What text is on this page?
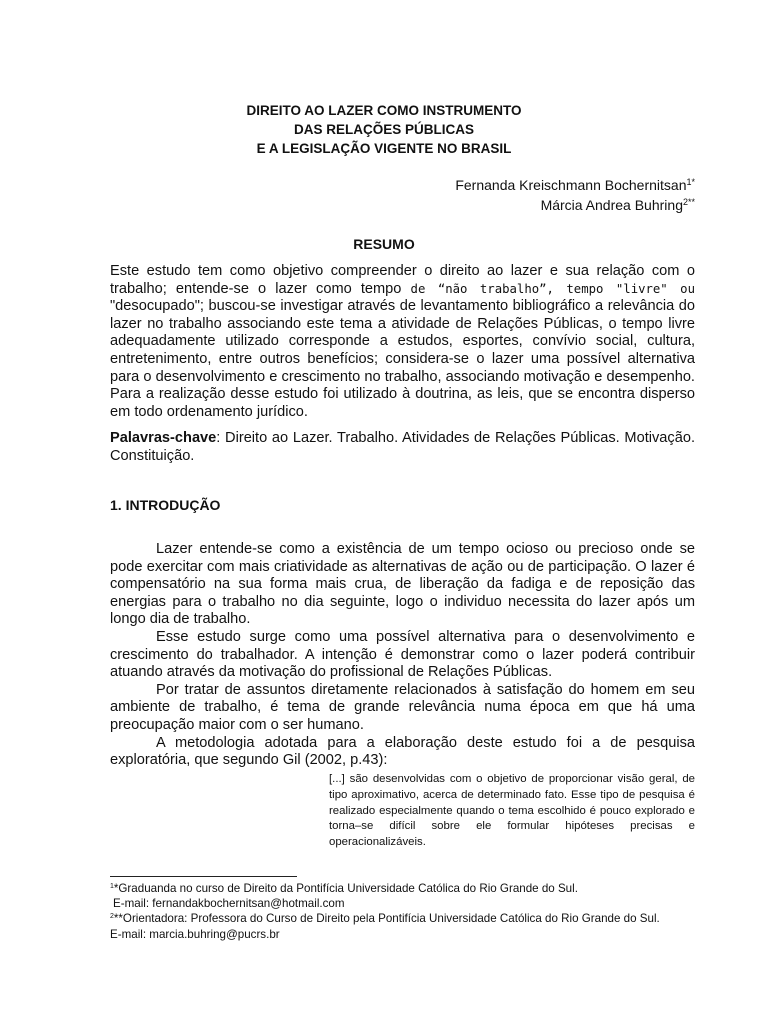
DIREITO AO LAZER COMO INSTRUMENTO
DAS RELAÇÕES PÚBLICAS
E A LEGISLAÇÃO VIGENTE NO BRASIL
Fernanda Kreischmann Bochernitsan$^{1*}$
Márcia Andrea Buhring$^{2**}$
RESUMO
Este estudo tem como objetivo compreender o direito ao lazer e sua relação com o trabalho; entende-se o lazer como tempo de “não trabalho”, tempo "livre" ou "desocupado"; buscou-se investigar através de levantamento bibliográfico a relevância do lazer no trabalho associando este tema a atividade de Relações Públicas, o tempo livre adequadamente utilizado corresponde a estudos, esportes, convívio social, cultura, entretenimento, entre outros benefícios; considera-se o lazer uma possível alternativa para o desenvolvimento e crescimento no trabalho, associando motivação e desempenho. Para a realização desse estudo foi utilizado à doutrina, as leis, que se encontra disperso em todo ordenamento jurídico.
Palavras-chave: Direito ao Lazer. Trabalho. Atividades de Relações Públicas. Motivação. Constituição.
1. INTRODUÇÃO

Lazer entende-se como a existência de um tempo ocioso ou precioso onde se pode exercitar com mais criatividade as alternativas de ação ou de participação. O lazer é compensatório na sua forma mais crua, de liberação da fadiga e de reposição das energias para o trabalho no dia seguinte, logo o individuo necessita do lazer após um longo dia de trabalho.

Esse estudo surge como uma possível alternativa para o desenvolvimento e crescimento do trabalhador. A intenção é demonstrar como o lazer poderá contribuir atuando através da motivação do profissional de Relações Públicas.

Por tratar de assuntos diretamente relacionados à satisfação do homem em seu ambiente de trabalho, é tema de grande relevância numa época em que há uma preocupação maior com o ser humano.

A metodologia adotada para a elaboração deste estudo foi a de pesquisa exploratória, que segundo Gil (2002, p.43):

[...] são desenvolvidas com o objetivo de proporcionar visão geral, de tipo aproximativo, acerca de determinado fato. Esse tipo de pesquisa é realizado especialmente quando o tema escolhido é pouco explorado e torna–se difícil sobre ele formular hipóteses precisas e operacionalizáveis.
$^1$*Graduanda no curso de Direito da Pontifícia Universidade Católica do Rio Grande do Sul.
E-mail: fernandakbochernitsan@hotmail.com
$^2$**Orientadora: Professora do Curso de Direito pela Pontifícia Universidade Católica do Rio Grande do Sul.
E-mail: marcia.buhring@pucrs.br
